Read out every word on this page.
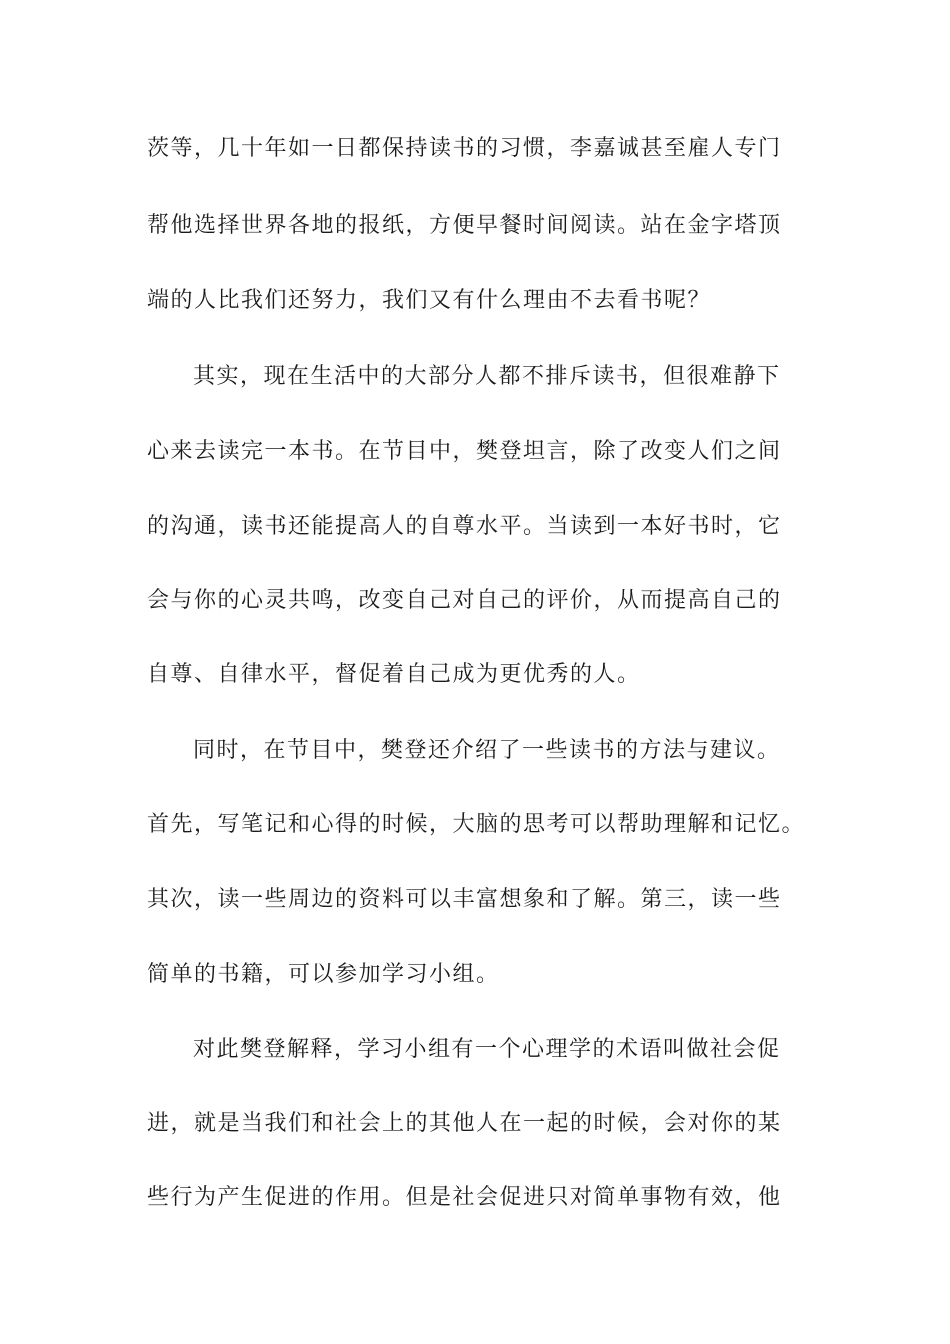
茨等，几十年如一日都保持读书的习惯，李嘉诚甚至雇人专门
帮他选择世界各地的报纸，方便早餐时间阅读。站在金字塔顶
端的人比我们还努力，我们又有什么理由不去看书呢？
其实，现在生活中的大部分人都不排斥读书，但很难静下
心来去读完一本书。在节目中，樊登坦言，除了改变人们之间
的沟通，读书还能提高人的自尊水平。当读到一本好书时，它
会与你的心灵共鸣，改变自己对自己的评价，从而提高自己的
自尊、自律水平，督促着自己成为更优秀的人。
同时，在节目中，樊登还介绍了一些读书的方法与建议。
首先，写笔记和心得的时候，大脑的思考可以帮助理解和记忆。
其次，读一些周边的资料可以丰富想象和了解。第三，读一些
简单的书籍，可以参加学习小组。
对此樊登解释，学习小组有一个心理学的术语叫做社会促
进，就是当我们和社会上的其他人在一起的时候，会对你的某
些行为产生促进的作用。但是社会促进只对简单事物有效，他
